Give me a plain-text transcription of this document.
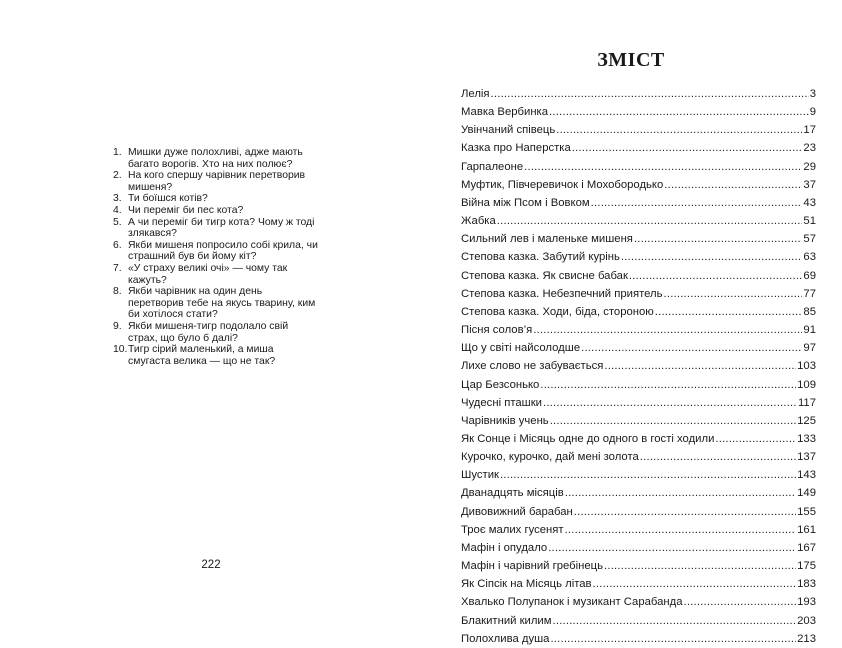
1. Мишки дуже полохливі, адже мають багато ворогів. Хто на них полює?
2. На кого спершу чарівник перетворив мишеня?
3. Ти боїшся котів?
4. Чи переміг би пес кота?
5. А чи переміг би тигр кота? Чому ж тоді злякався?
6. Якби мишеня попросило собі крила, чи страшний був би йому кіт?
7. «У страху великі очі» — чому так кажуть?
8. Якби чарівник на один день перетворив тебе на якусь тварину, ким би хотілося стати?
9. Якби мишеня-тигр подолало свій страх, що було б далі?
10. Тигр сірий маленький, а миша смугаста велика — що не так?
222
ЗМІСТ
Лелія .....	3
Мавка Вербинка .....	9
Увінчаний співець .....	17
Казка про Наперстка .....	23
Гарпалеоне .....	29
Муфтик, Півчеревичок і Мохобородько .....	37
Війна між Псом і Вовком .....	43
Жабка .....	51
Сильний лев і маленьке мишеня .....	57
Степова казка. Забутий курінь .....	63
Степова казка. Як свисне бабак .....	69
Степова казка. Небезпечний приятель .....	77
Степова казка. Ходи, біда, стороною .....	85
Пісня солов’я .....	91
Що у світі найсолодше .....	97
Лихе слово не забувається .....	103
Цар Безсонько .....	109
Чудесні пташки .....	117
Чарівників учень .....	125
Як Сонце і Місяць одне до одного в гості ходили .....	133
Курочко, курочко, дай мені золота .....	137
Шустик .....	143
Дванадцять місяців .....	149
Дивовижний барабан .....	155
Троє малих гусенят .....	161
Мафін і опудало .....	167
Мафін і чарівний гребінець .....	175
Як Сіпсік на Місяць літав .....	183
Хвалько Полупанок і музикант Сарабанда .....	193
Блакитний килим .....	203
Полохлива душа .....	213
